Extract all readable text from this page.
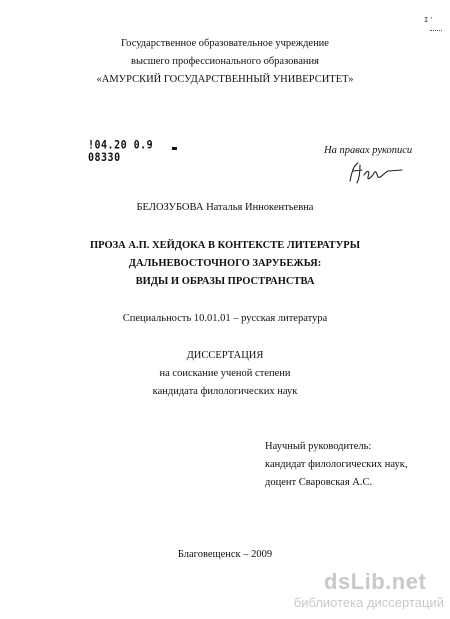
I'
Государственное образовательное учреждение
высшего профессионального образования
«АМУРСКИЙ ГОСУДАРСТВЕННЫЙ УНИВЕРСИТЕТ»
!04.20 0.9 08330
На правах рукописи
БЕЛОЗУБОВА Наталья Иннокентьевна
ПРОЗА А.П. ХЕЙДОКА В КОНТЕКСТЕ ЛИТЕРАТУРЫ
ДАЛЬНЕВОСТОЧНОГО ЗАРУБЕЖЬЯ:
ВИДЫ И ОБРАЗЫ ПРОСТРАНСТВА
Специальность 10.01.01 – русская литература
ДИССЕРТАЦИЯ
на соискание ученой степени
кандидата филологических наук
Научный руководитель:
кандидат филологических наук,
доцент Сваровская А.С.
Благовещенск – 2009
dsLib.net
библиотека диссертаций
